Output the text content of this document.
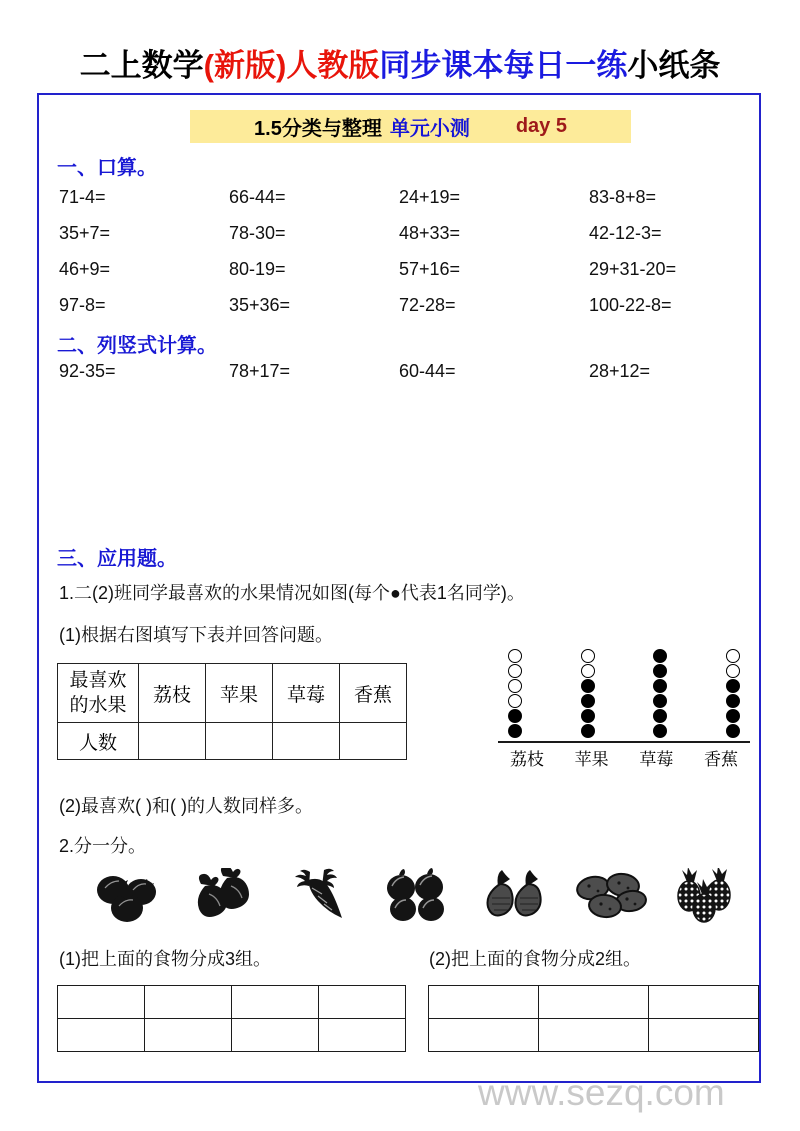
二上数学(新版)人教版同步课本每日一练小纸条
1.5分类与整理 单元小测	day 5
一、口算。
71-4=	66-44=	24+19=	83-8+8=
35+7=	78-30=	48+33=	42-12-3=
46+9=	80-19=	57+16=	29+31-20=
97-8=	35+36=	72-28=	100-22-8=
二、列竖式计算。
92-35=	78+17=	60-44=	28+12=
三、应用题。
1.二(2)班同学最喜欢的水果情况如图(每个●代表1名同学)。
(1)根据右图填写下表并回答问题。
最喜欢
的水果	荔枝	苹果	草莓	香蕉
人数				
荔枝	苹果	草莓	香蕉
(2)最喜欢( )和( )的人数同样多。
2.分一分。
(1)把上面的食物分成3组。	(2)把上面的食物分成2组。

www.sezq.com
